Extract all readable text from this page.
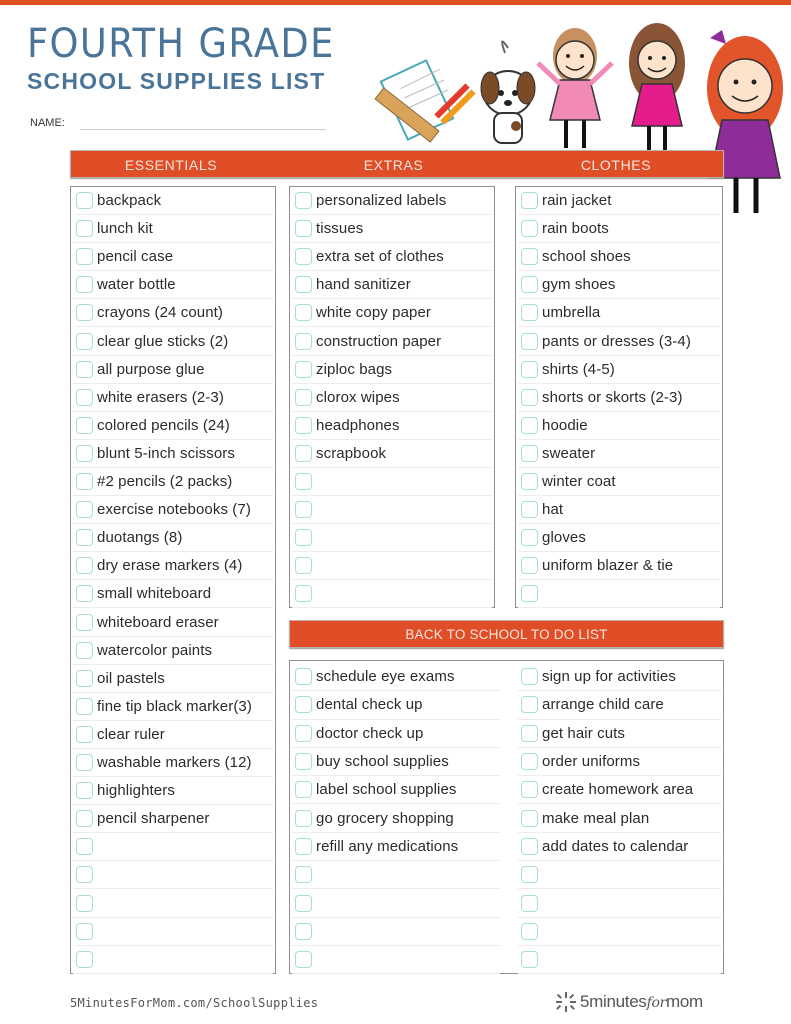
FOURTH GRADE
SCHOOL SUPPLIES LIST
NAME:
ESSENTIALS	EXTRAS	CLOTHES
backpack
lunch kit
pencil case
water bottle
crayons (24 count)
clear glue sticks (2)
all purpose glue
white erasers (2-3)
colored pencils (24)
blunt 5-inch scissors
#2 pencils (2 packs)
exercise notebooks (7)
duotangs (8)
dry erase markers (4)
small whiteboard
whiteboard eraser
watercolor paints
oil pastels
fine tip black marker(3)
clear ruler
washable markers (12)
highlighters
pencil sharpener
personalized labels
tissues
extra set of clothes
hand sanitizer
white copy paper
construction paper
ziploc bags
clorox wipes
headphones
scrapbook
rain jacket
rain boots
school shoes
gym shoes
umbrella
pants or dresses (3-4)
shirts (4-5)
shorts or skorts (2-3)
hoodie
sweater
winter coat
hat
gloves
uniform blazer & tie
BACK TO SCHOOL TO DO LIST
schedule eye exams
dental check up
doctor check up
buy school supplies
label school supplies
go grocery shopping
refill any medications
sign up for activities
arrange child care
get hair cuts
order uniforms
create homework area
make meal plan
add dates to calendar
5MinutesForMom.com/SchoolSupplies	5minutesformom
